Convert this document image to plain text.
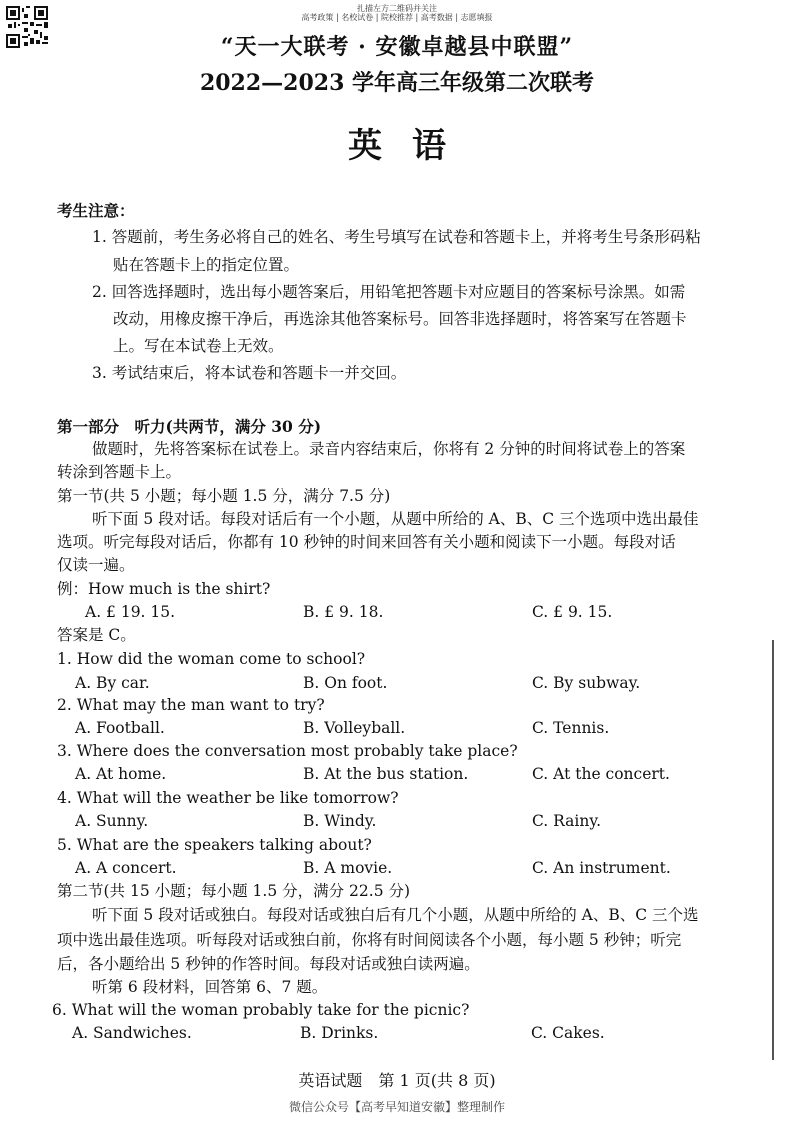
扎描左方二维码并关注
高考政策 | 名校试卷 | 院校推荐 | 高考数据 | 志愿填报
“天一大联考 · 安徽卓越县中联盟”
2022—2023 学年高三年级第二次联考
英语
考生注意：
1. 答题前，考生务必将自己的姓名、考生号填写在试卷和答题卡上，并将考生号条形码粘
贴在答题卡上的指定位置。
2. 回答选择题时，选出每小题答案后，用铅笔把答题卡对应题目的答案标号涂黑。如需
改动，用橡皮擦干净后，再选涂其他答案标号。回答非选择题时，将答案写在答题卡
上。写在本试卷上无效。
3. 考试结束后，将本试卷和答题卡一并交回。
第一部分　听力(共两节，满分 30 分)
做题时，先将答案标在试卷上。录音内容结束后，你将有 2 分钟的时间将试卷上的答案
转涂到答题卡上。
第一节(共 5 小题；每小题 1.5 分，满分 7.5 分)
听下面 5 段对话。每段对话后有一个小题，从题中所给的 A、B、C 三个选项中选出最佳
选项。听完每段对话后，你都有 10 秒钟的时间来回答有关小题和阅读下一小题。每段对话
仅读一遍。
例：How much is the shirt?
A. £ 19. 15.	B. £ 9. 18.	C. £ 9. 15.
答案是 C。
1. How did the woman come to school?
A. By car.	B. On foot.	C. By subway.
2. What may the man want to try?
A. Football.	B. Volleyball.	C. Tennis.
3. Where does the conversation most probably take place?
A. At home.	B. At the bus station.	C. At the concert.
4. What will the weather be like tomorrow?
A. Sunny.	B. Windy.	C. Rainy.
5. What are the speakers talking about?
A. A concert.	B. A movie.	C. An instrument.
第二节(共 15 小题；每小题 1.5 分，满分 22.5 分)
听下面 5 段对话或独白。每段对话或独白后有几个小题，从题中所给的 A、B、C 三个选
项中选出最佳选项。听每段对话或独白前，你将有时间阅读各个小题，每小题 5 秒钟；听完
后，各小题给出 5 秒钟的作答时间。每段对话或独白读两遍。
听第 6 段材料，回答第 6、7 题。
6. What will the woman probably take for the picnic?
A. Sandwiches.	B. Drinks.	C. Cakes.
英语试题　第 1 页(共 8 页)
微信公众号【高考早知道安徽】整理制作
